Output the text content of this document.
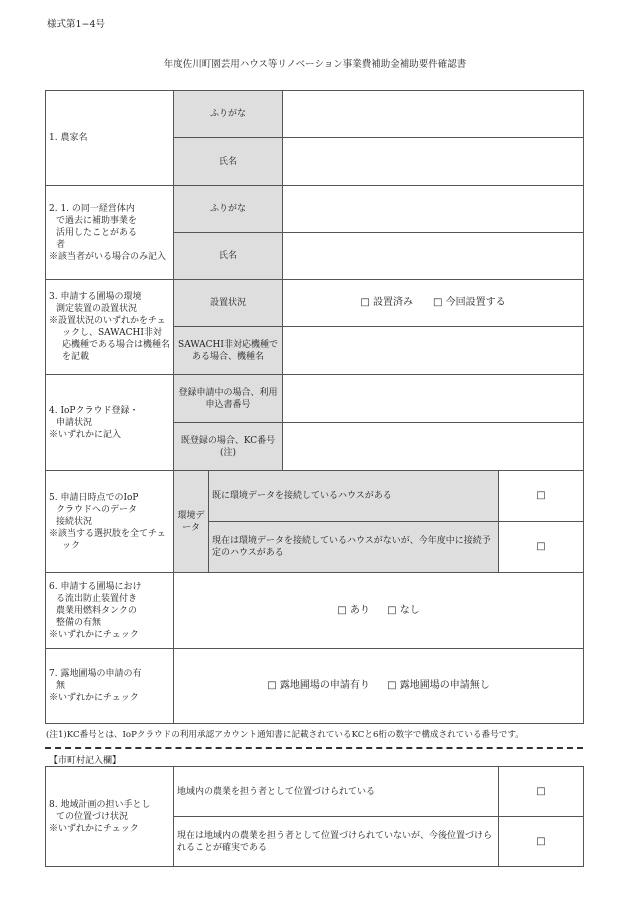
様式第1−4号
年度佐川町園芸用ハウス等リノベーション事業費補助金補助要件確認書
1. 農家名	ふりがな			
	氏名			

2. 1. の同一経営体内
で過去に補助事業を
活用したことがある
者
※該当者がいる場合のみ記入	ふりがな			
	氏名			

3. 申請する圃場の環境
測定装置の設置状況
※設置状況のいずれかをチェックし、SAWACHI非対応機種である場合は機種名を記載	設置状況		□ 設置済み □ 今回設置する	
	SAWACHI非対応機種である場合、機種名			

4. IoPクラウド登録・
申請状況
※いずれかに記入	登録申請中の場合、利用申込書番号			
	既登録の場合、KC番号(注)			

5. 申請日時点でのIoP
クラウドへのデータ
接続状況
※該当する選択肢を全てチェック	環境データ	既に環境データを接続しているハウスがある		□
		現在は環境データを接続しているハウスがないが、今年度中に接続予定のハウスがある		□

6. 申請する圃場におけ
る流出防止装置付き
農業用燃料タンクの
整備の有無
※いずれかにチェック	□ あり □ なし			

7. 露地圃場の申請の有
無
※いずれかにチェック	□ 露地圃場の申請有り □ 露地圃場の申請無し			
(注1)KC番号とは、IoPクラウドの利用承認アカウント通知書に記載されているKCと6桁の数字で構成されている番号です。
【市町村記入欄】
8. 地域計画の担い手とし
ての位置づけ状況
※いずれかにチェック	地域内の農業を担う者として位置づけられている	□
	現在は地域内の農業を担う者として位置づけられていないが、今後位置づけられることが確実である	□
